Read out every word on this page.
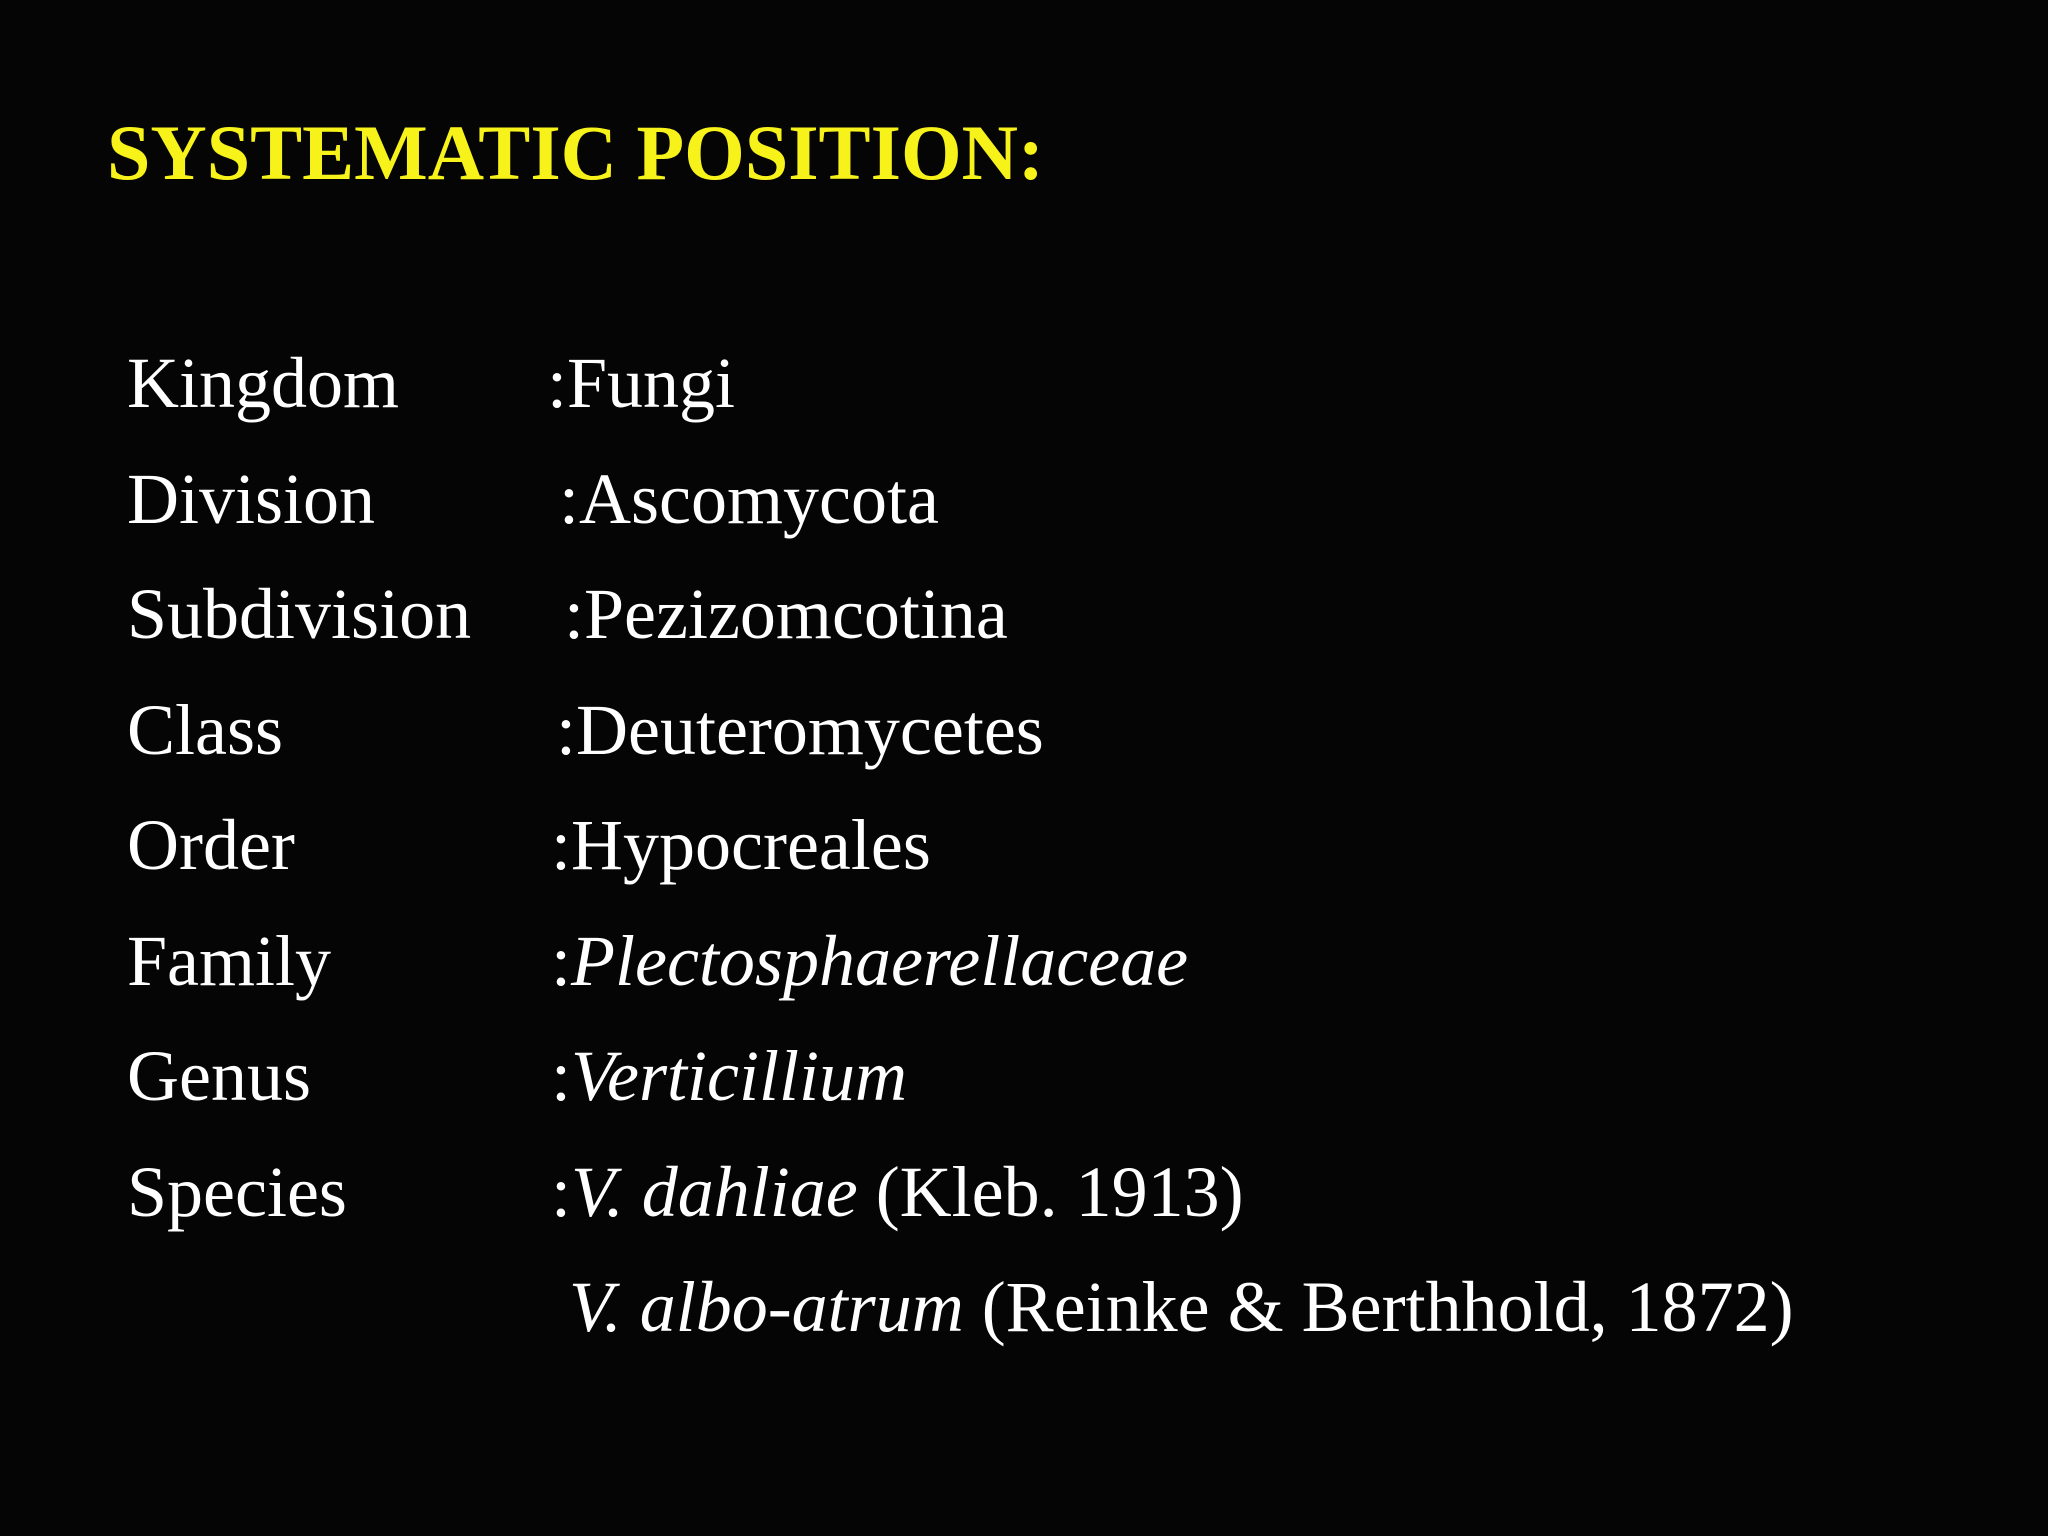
SYSTEMATIC POSITION:
Kingdom :Fungi
Division	:Ascomycota
Subdivision :Pezizomcotina
Class	:Deuteromycetes
Order	:Hypocreales
Family	:Plectosphaerellaceae
Genus	:Verticillium
Species	:V. dahliae (Kleb. 1913)
V. albo-atrum (Reinke & Berthhold, 1872)
